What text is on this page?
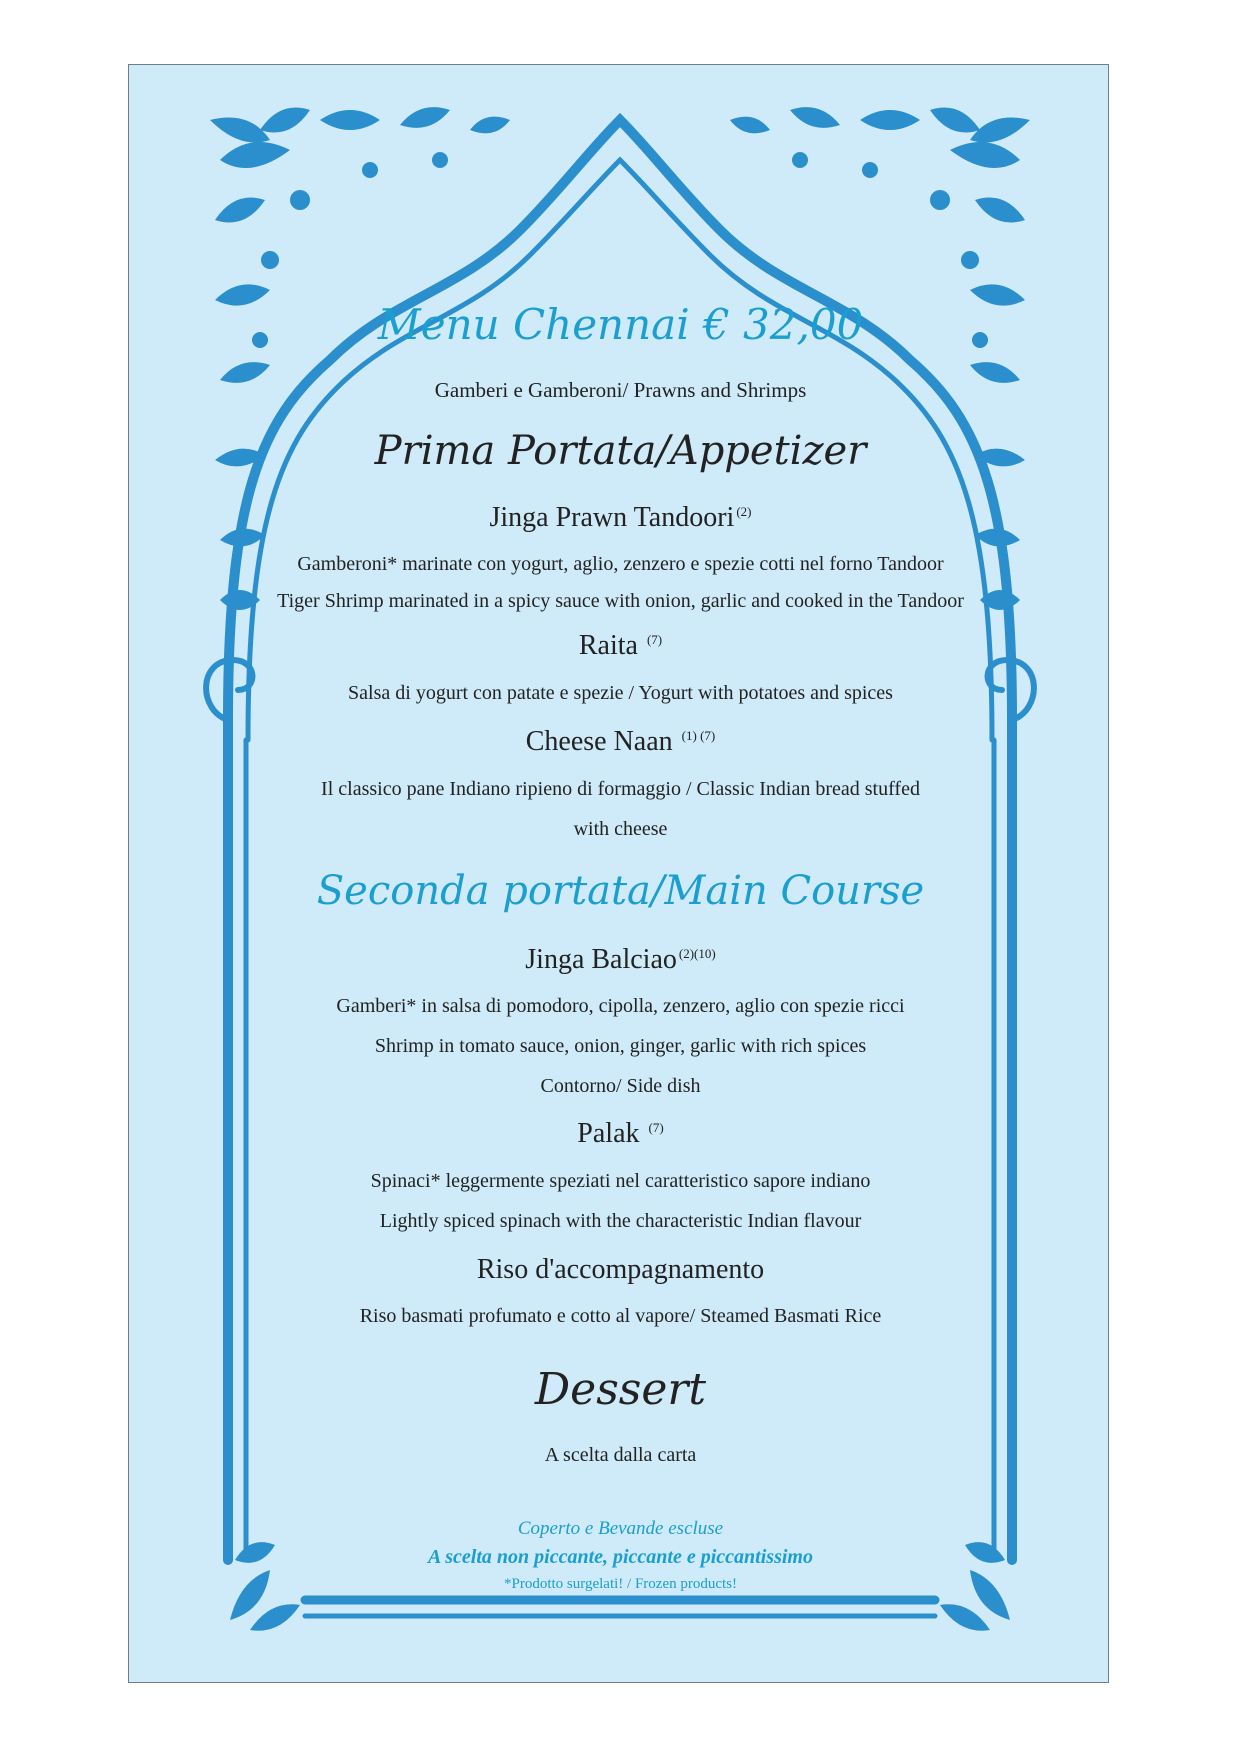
Menu Chennai € 32,00
Gamberi e Gamberoni/ Prawns and Shrimps
Prima Portata/Appetizer
Jinga Prawn Tandoori $^{(2)}$
Gamberoni* marinate con yogurt, aglio, zenzero e spezie cotti nel forno Tandoor
Tiger Shrimp marinated in a spicy sauce with onion, garlic and cooked in the Tandoor
Raita $^{(7)}$
Salsa di yogurt con patate e spezie / Yogurt with potatoes and spices
Cheese Naan $^{(1) (7)}$
Il classico pane Indiano ripieno di formaggio / Classic Indian bread stuffed
with cheese
Seconda portata/Main Course
Jinga Balciao $^{(2)(10)}$
Gamberi* in salsa di pomodoro, cipolla, zenzero, aglio con spezie ricci
Shrimp in tomato sauce, onion, ginger, garlic with rich spices
Contorno/ Side dish
Palak $^{(7)}$
Spinaci* leggermente speziati nel caratteristico sapore indiano
Lightly spiced spinach with the characteristic Indian flavour
Riso d'accompagnamento
Riso basmati profumato e cotto al vapore/ Steamed Basmati Rice
Dessert
A scelta dalla carta
Coperto e Bevande escluse
A scelta non piccante, piccante e piccantissimo
*Prodotto surgelati! / Frozen products!
